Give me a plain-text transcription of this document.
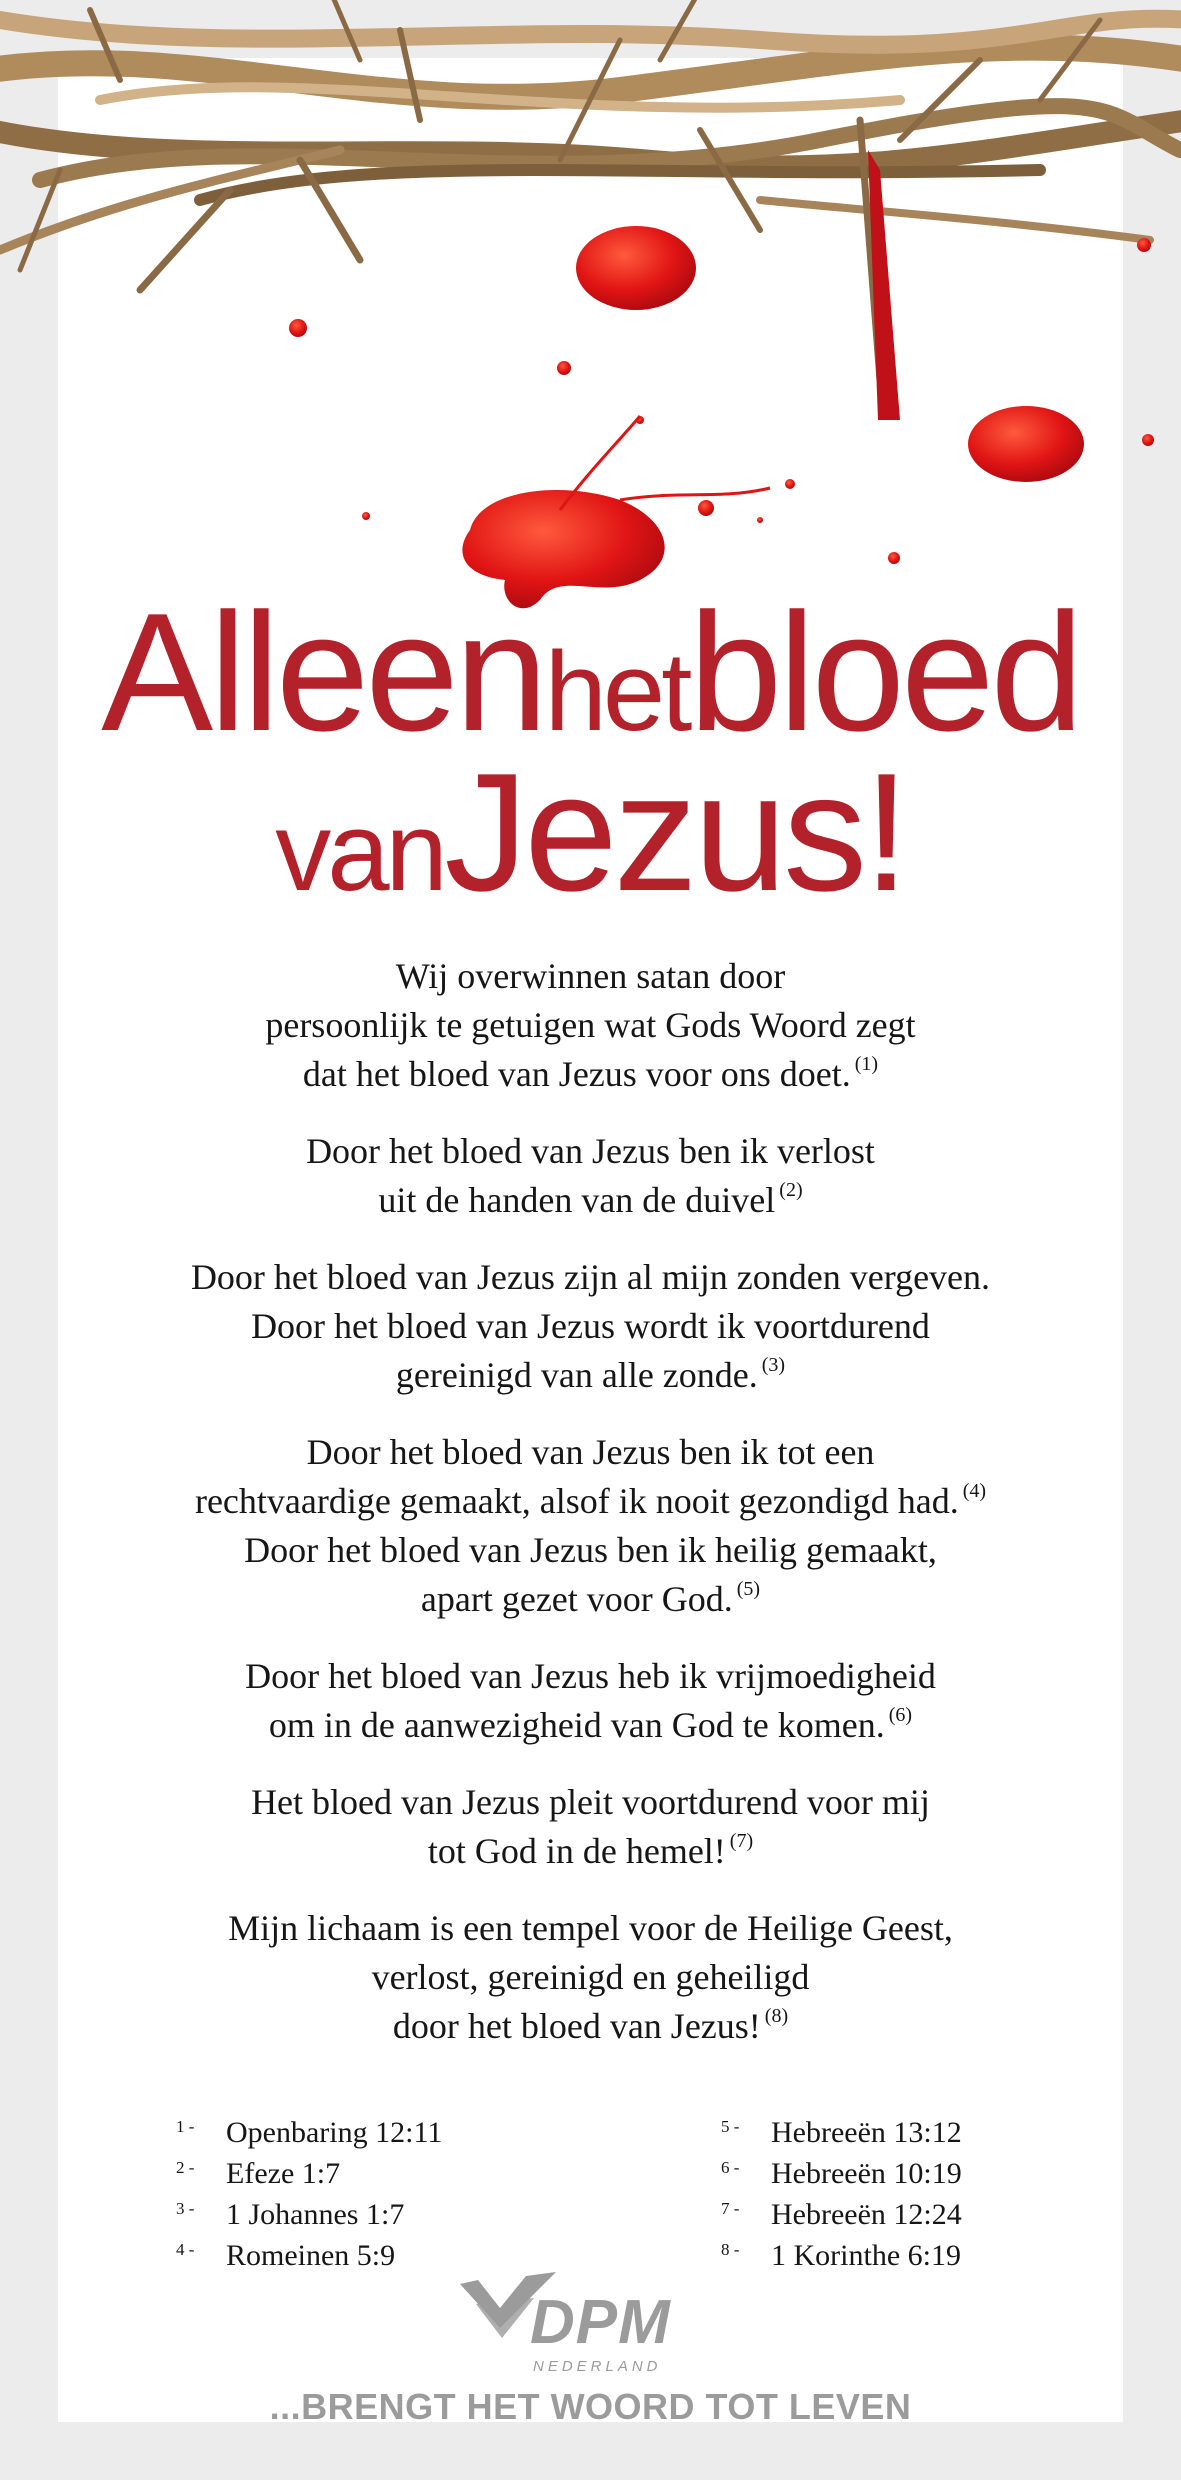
Alleen het bloed
van Jezus!

Wij overwinnen satan door
persoonlijk te getuigen wat Gods Woord zegt
dat het bloed van Jezus voor ons doet. $^{(1)}$

Door het bloed van Jezus ben ik verlost
uit de handen van de duivel $^{(2)}$

Door het bloed van Jezus zijn al mijn zonden vergeven.
Door het bloed van Jezus wordt ik voortdurend
gereinigd van alle zonde. $^{(3)}$

Door het bloed van Jezus ben ik tot een
rechtvaardige gemaakt, alsof ik nooit gezondigd had. $^{(4)}$
Door het bloed van Jezus ben ik heilig gemaakt,
apart gezet voor God. $^{(5)}$

Door het bloed van Jezus heb ik vrijmoedigheid
om in de aanwezigheid van God te komen. $^{(6)}$

Het bloed van Jezus pleit voortdurend voor mij
tot God in de hemel! $^{(7)}$

Mijn lichaam is een tempel voor de Heilige Geest,
verlost, gereinigd en geheiligd
door het bloed van Jezus! $^{(8)}$

1 -	Openbaring 12:11
2 -	Efeze 1:7
3 -	1 Johannes 1:7
4 -	Romeinen 5:9
5 -	Hebreeën 13:12
6 -	Hebreeën 10:19
7 -	Hebreeën 12:24
8 -	1 Korinthe 6:19
DPM
NEDERLAND
...BRENGT HET WOORD TOT LEVEN
